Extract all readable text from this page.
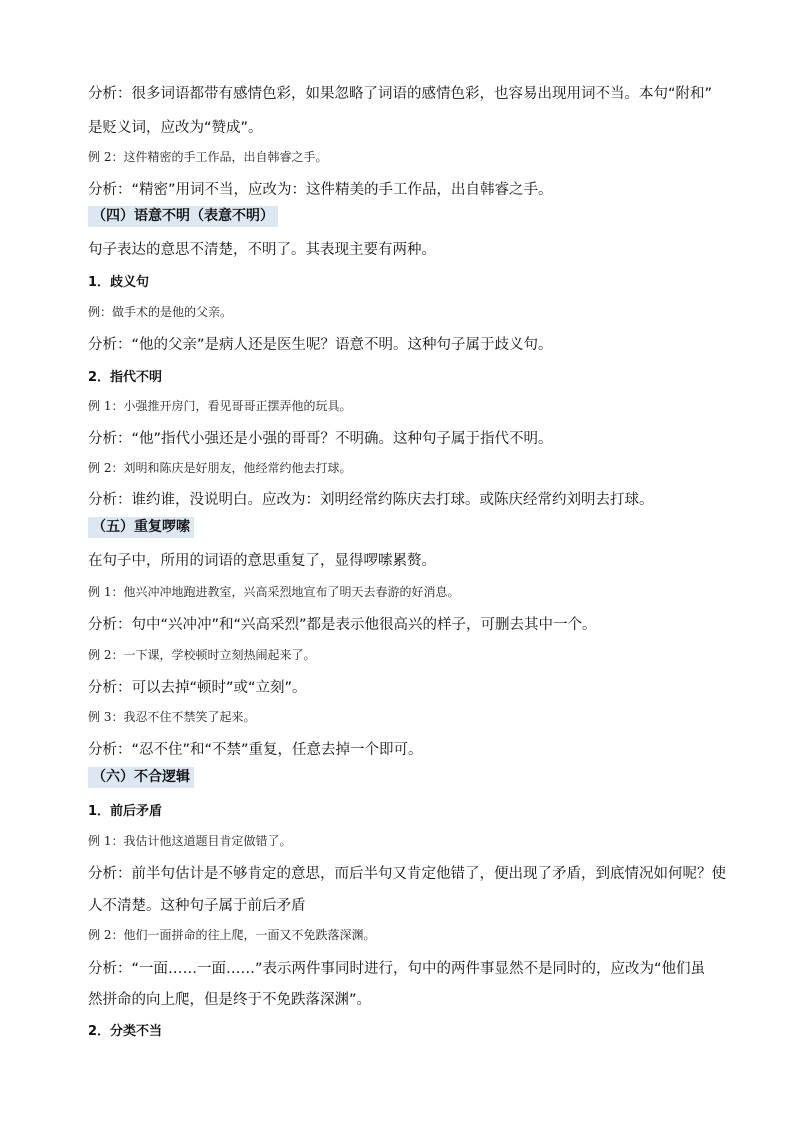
分析：很多词语都带有感情色彩，如果忽略了词语的感情色彩，也容易出现用词不当。本句“附和”
是贬义词，应改为“赞成”。
例 2：这件精密的手工作品，出自韩睿之手。
分析：“精密”用词不当，应改为：这件精美的手工作品，出自韩睿之手。
（四）语意不明（表意不明）
句子表达的意思不清楚，不明了。其表现主要有两种。
1．歧义句
例：做手术的是他的父亲。
分析：“他的父亲”是病人还是医生呢？语意不明。这种句子属于歧义句。
2．指代不明
例 1：小强推开房门，看见哥哥正摆弄他的玩具。
分析：“他”指代小强还是小强的哥哥？不明确。这种句子属于指代不明。
例 2：刘明和陈庆是好朋友，他经常约他去打球。
分析：谁约谁，没说明白。应改为：刘明经常约陈庆去打球。或陈庆经常约刘明去打球。
（五）重复啰嗦
在句子中，所用的词语的意思重复了，显得啰嗦累赘。
例 1：他兴冲冲地跑进教室，兴高采烈地宣布了明天去春游的好消息。
分析：句中“兴冲冲”和“兴高采烈”都是表示他很高兴的样子，可删去其中一个。
例 2：一下课，学校顿时立刻热闹起来了。
分析：可以去掉“顿时”或“立刻”。
例 3：我忍不住不禁笑了起来。
分析：“忍不住”和“不禁”重复，任意去掉一个即可。
（六）不合逻辑
1．前后矛盾
例 1：我估计他这道题目肯定做错了。
分析：前半句估计是不够肯定的意思，而后半句又肯定他错了，便出现了矛盾，到底情况如何呢？使
人不清楚。这种句子属于前后矛盾
例 2：他们一面拼命的往上爬，一面又不免跌落深渊。
分析：“一面……一面……”表示两件事同时进行，句中的两件事显然不是同时的，应改为“他们虽
然拼命的向上爬，但是终于不免跌落深渊”。
2．分类不当
